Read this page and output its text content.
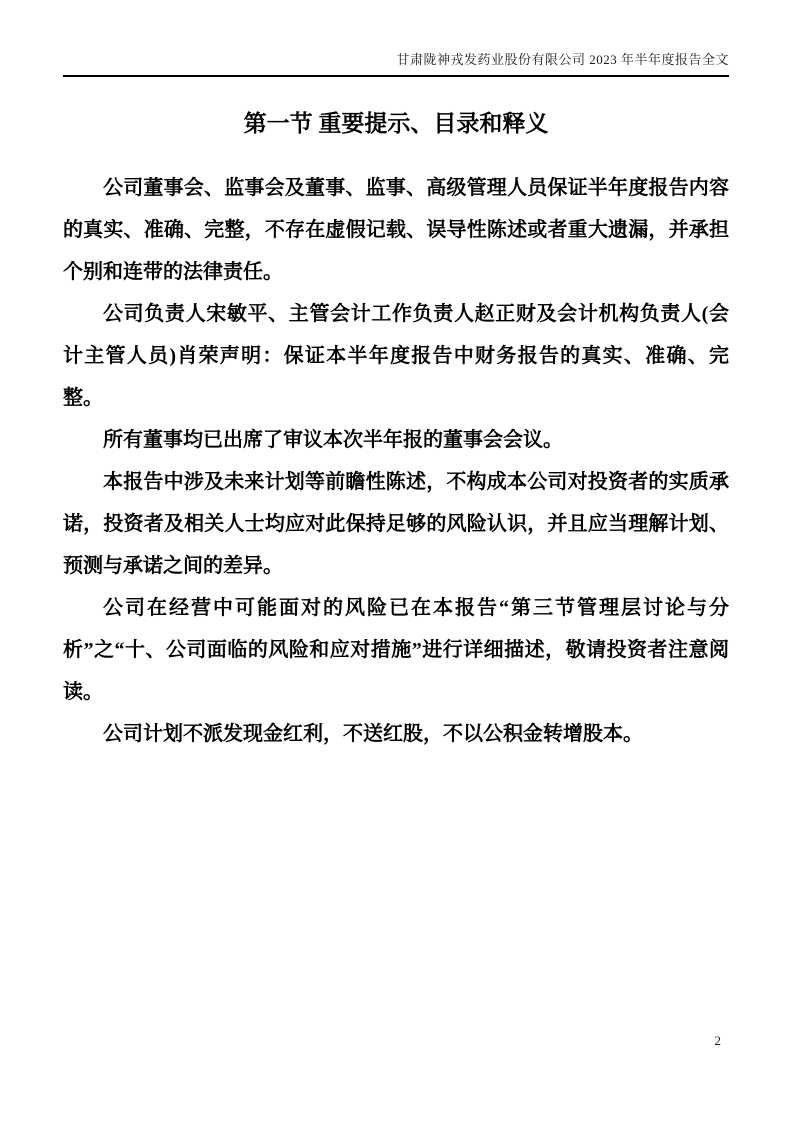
甘肃陇神戎发药业股份有限公司 2023 年半年度报告全文
第一节 重要提示、目录和释义

公司董事会、监事会及董事、监事、高级管理人员保证半年度报告内容的真实、准确、完整，不存在虚假记载、误导性陈述或者重大遗漏，并承担个别和连带的法律责任。

公司负责人宋敏平、主管会计工作负责人赵正财及会计机构负责人(会计主管人员)肖荣声明：保证本半年度报告中财务报告的真实、准确、完整。

所有董事均已出席了审议本次半年报的董事会会议。

本报告中涉及未来计划等前瞻性陈述，不构成本公司对投资者的实质承诺，投资者及相关人士均应对此保持足够的风险认识，并且应当理解计划、预测与承诺之间的差异。

公司在经营中可能面对的风险已在本报告“第三节管理层讨论与分析”之“十、公司面临的风险和应对措施”进行详细描述，敬请投资者注意阅读。

公司计划不派发现金红利，不送红股，不以公积金转增股本。

2
